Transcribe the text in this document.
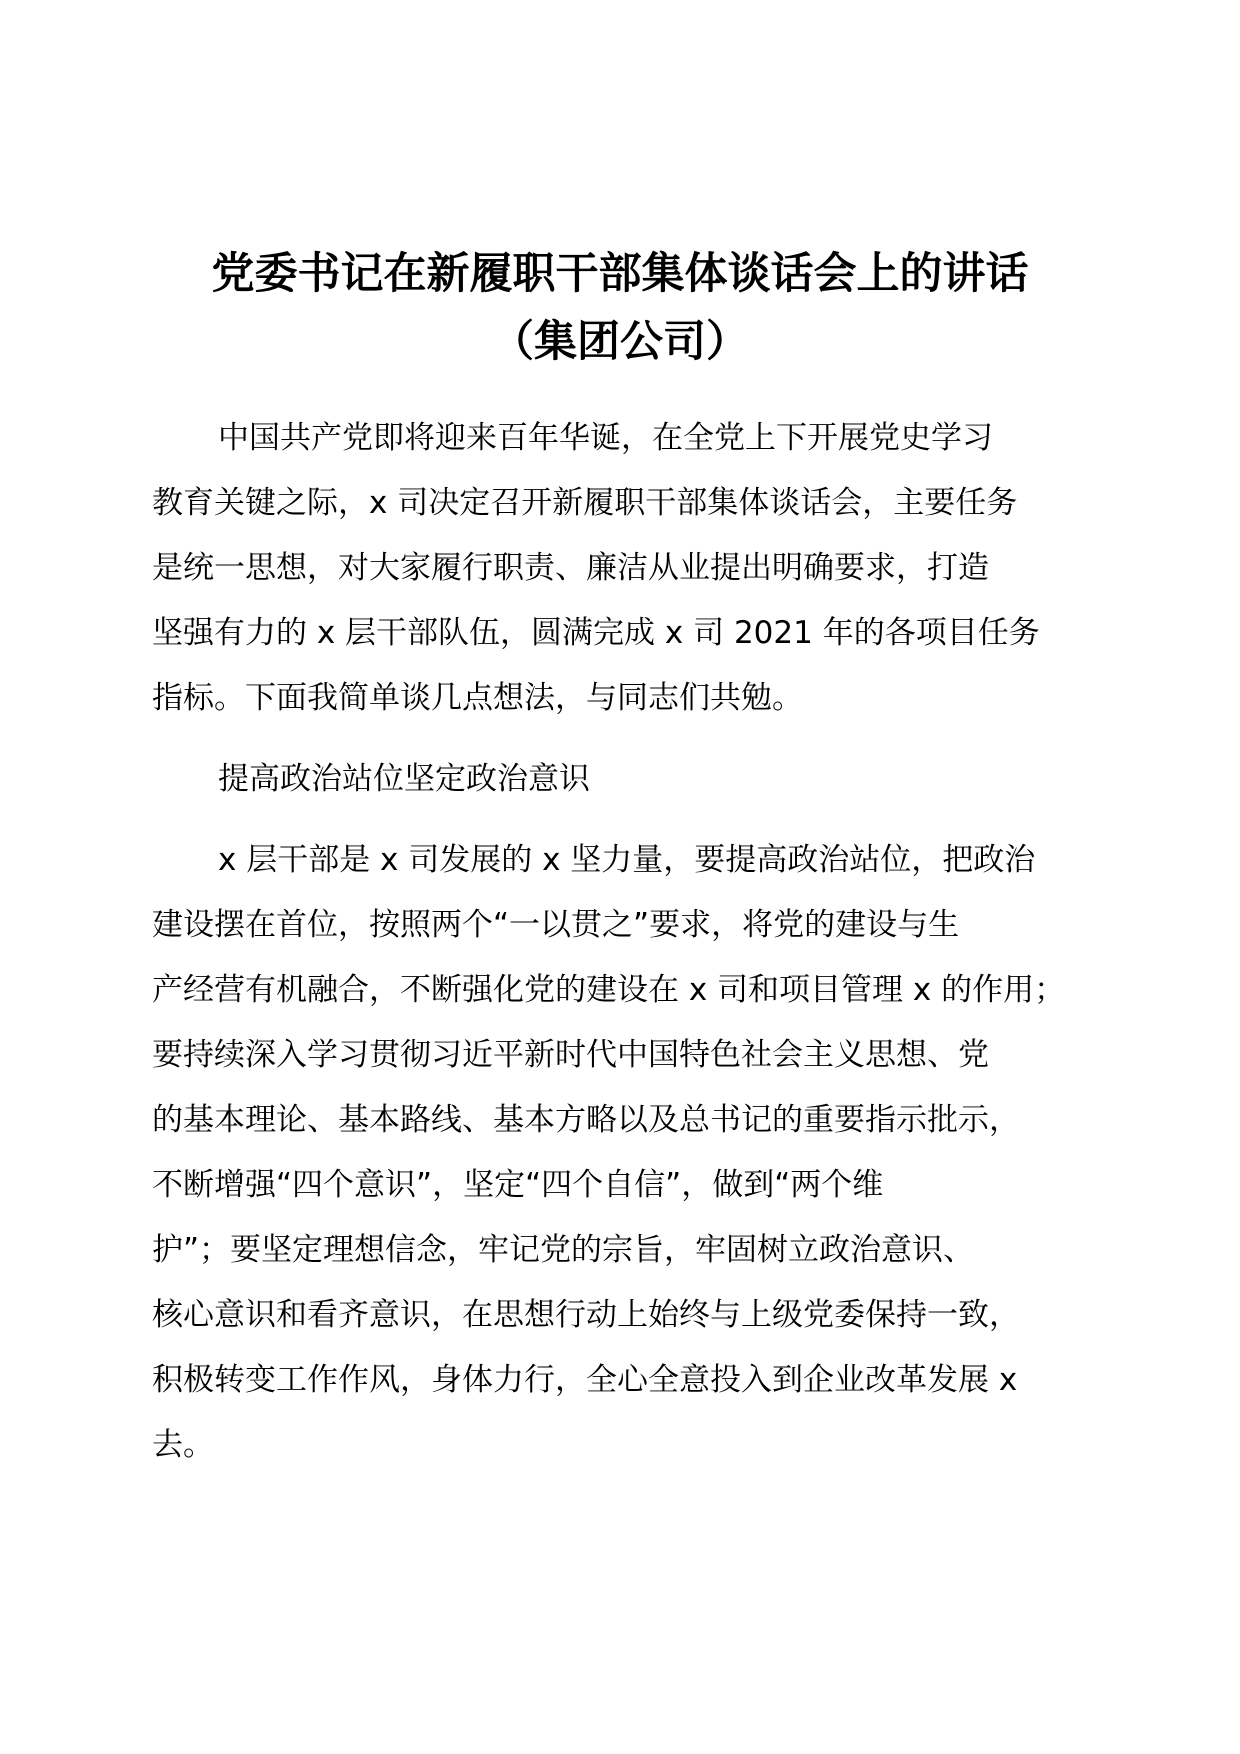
党委书记在新履职干部集体谈话会上的讲话
（集团公司）
中国共产党即将迎来百年华诞，在全党上下开展党史学习
教育关键之际，x 司决定召开新履职干部集体谈话会，主要任务
是统一思想，对大家履行职责、廉洁从业提出明确要求，打造
坚强有力的 x 层干部队伍，圆满完成 x 司 2021 年的各项目任务
指标。下面我简单谈几点想法，与同志们共勉。
提高政治站位坚定政治意识
x 层干部是 x 司发展的 x 坚力量，要提高政治站位，把政治
建设摆在首位，按照两个“一以贯之”要求，将党的建设与生
产经营有机融合，不断强化党的建设在 x 司和项目管理 x 的作用；
要持续深入学习贯彻习近平新时代中国特色社会主义思想、党
的基本理论、基本路线、基本方略以及总书记的重要指示批示，
不断增强“四个意识”，坚定“四个自信”，做到“两个维
护”；要坚定理想信念，牢记党的宗旨，牢固树立政治意识、
核心意识和看齐意识，在思想行动上始终与上级党委保持一致，
积极转变工作作风，身体力行，全心全意投入到企业改革发展 x
去。
